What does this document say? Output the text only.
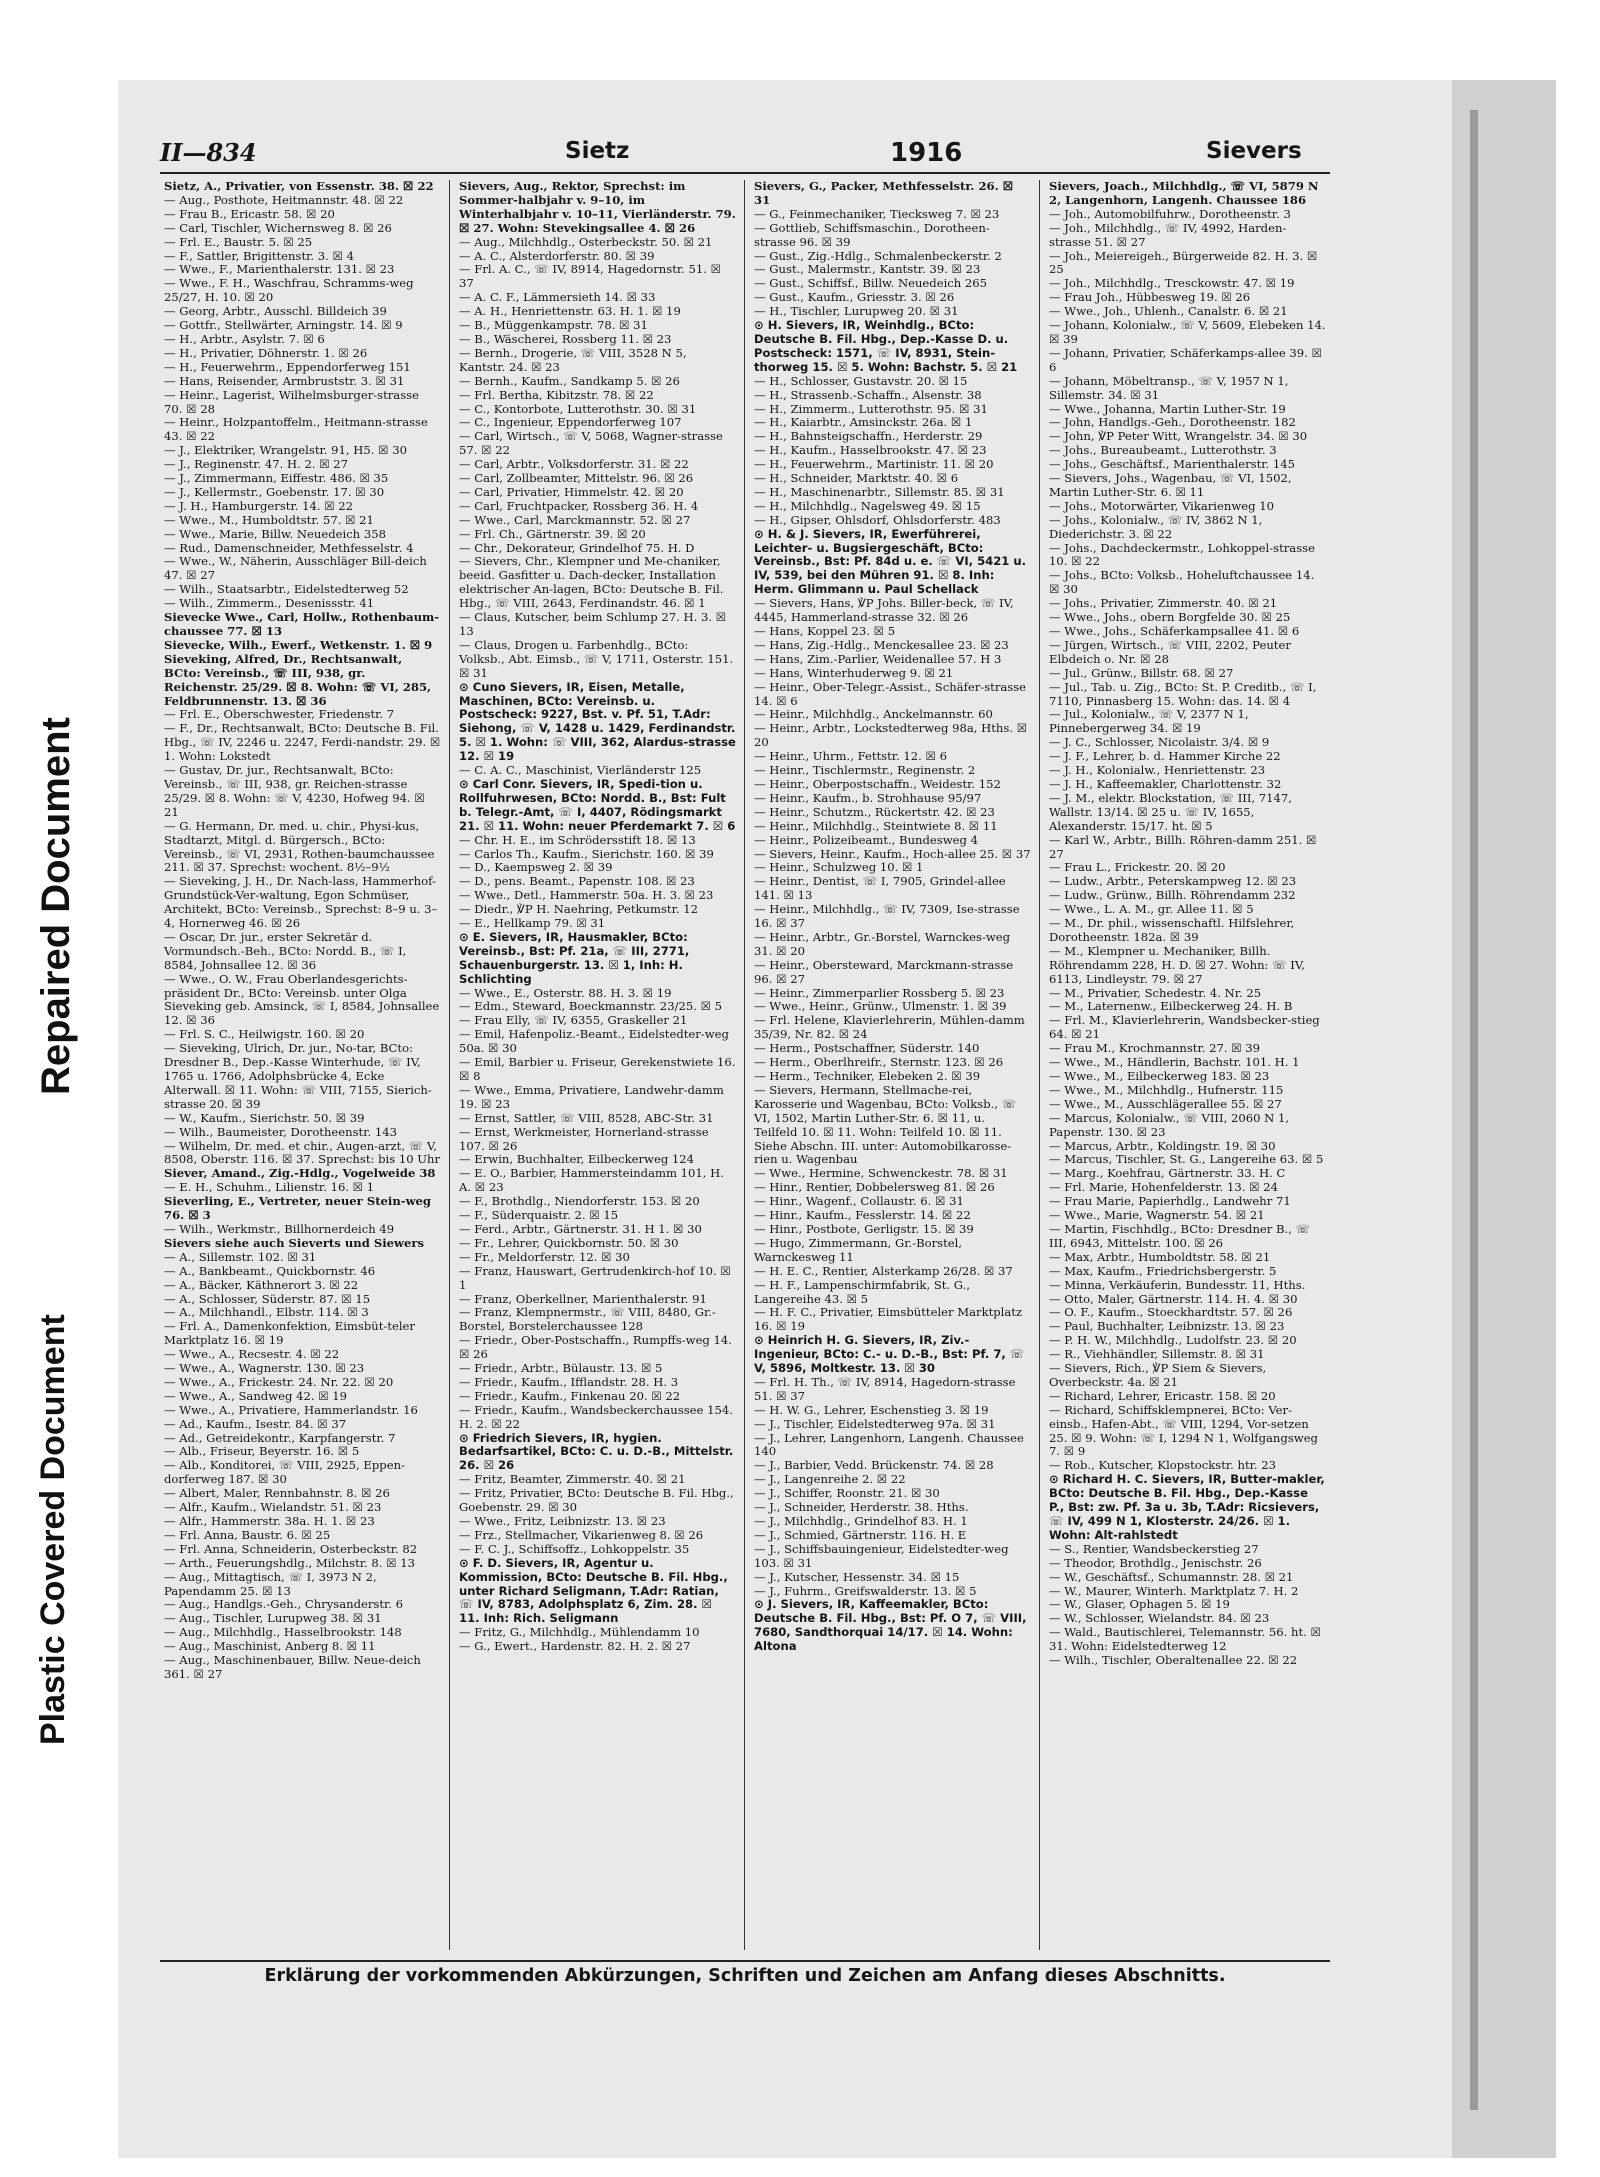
Repaired Document
Plastic Covered Document
II—834	Sietz	1916	Sievers
Sietz, A., Privatier, von Essenstr. 38. ☒ 22
— Aug., Posthote, Heitmannstr. 48. ☒ 22
— Frau B., Ericastr. 58. ☒ 20
— Carl, Tischler, Wichernsweg 8. ☒ 26
— Frl. E., Baustr. 5. ☒ 25
— F., Sattler, Brigittenstr. 3. ☒ 4
— Wwe., F., Marienthalerstr. 131. ☒ 23
— Wwe., F. H., Waschfrau, Schramms-weg 25/27, H. 10. ☒ 20
— Georg, Arbtr., Ausschl. Billdeich 39
— Gottfr., Stellwärter, Arningstr. 14. ☒ 9
— H., Arbtr., Asylstr. 7. ☒ 6
— H., Privatier, Döhnerstr. 1. ☒ 26
— H., Feuerwehrm., Eppendorferweg 151
— Hans, Reisender, Armbruststr. 3. ☒ 31
— Heinr., Lagerist, Wilhelmsburger-strasse 70. ☒ 28
— Heinr., Holzpantoffelm., Heitmann-strasse 43. ☒ 22
— J., Elektriker, Wrangelstr. 91, H5. ☒ 30
— J., Reginenstr. 47. H. 2. ☒ 27
— J., Zimmermann, Eiffestr. 486. ☒ 35
— J., Kellermstr., Goebenstr. 17. ☒ 30
— J. H., Hamburgerstr. 14. ☒ 22
— Wwe., M., Humboldtstr. 57. ☒ 21
— Wwe., Marie, Billw. Neuedeich 358
— Rud., Damenschneider, Methfesselstr. 4
— Wwe., W., Näherin, Ausschläger Bill-deich 47. ☒ 27
— Wilh., Staatsarbtr., Eidelstedterweg 52
— Wilh., Zimmerm., Desenissstr. 41
Sievecke Wwe., Carl, Hollw., Rothenbaum-chaussee 77. ☒ 13
Sievecke, Wilh., Ewerf., Wetkenstr. 1. ☒ 9
Sieveking, Alfred, Dr., Rechtsanwalt, BCto: Vereinsb., ☏ III, 938, gr. Reichenstr. 25/29. ☒ 8. Wohn: ☏ VI, 285, Feldbrunnenstr. 13. ☒ 36
— Frl. E., Oberschwester, Friedenstr. 7
— F., Dr., Rechtsanwalt, BCto: Deutsche B. Fil. Hbg., ☏ IV, 2246 u. 2247, Ferdi-nandstr. 29. ☒ 1. Wohn: Lokstedt
— Gustav, Dr. jur., Rechtsanwalt, BCto: Vereinsb., ☏ III, 938, gr. Reichen-strasse 25/29. ☒ 8. Wohn: ☏ V, 4230, Hofweg 94. ☒ 21
— G. Hermann, Dr. med. u. chir., Physi-kus, Stadtarzt, Mitgl. d. Bürgersch., BCto: Vereinsb., ☏ VI, 2931, Rothen-baumchaussee 211. ☒ 37. Sprechst: wochent. 8½–9½
— Sieveking, J. H., Dr. Nach-lass, Hammerhof-Grundstück-Ver-waltung, Egon Schmüser, Architekt, BCto: Vereinsb., Sprechst: 8–9 u. 3–4, Hornerweg 46. ☒ 26
— Oscar, Dr. jur., erster Sekretär d. Vormundsch.-Beh., BCto: Nordd. B., ☏ I, 8584, Johnsallee 12. ☒ 36
— Wwe., O. W., Frau Oberlandesgerichts-präsident Dr., BCto: Vereinsb. unter Olga Sieveking geb. Amsinck, ☏ I, 8584, Johnsallee 12. ☒ 36
— Frl. S. C., Heilwigstr. 160. ☒ 20
— Sieveking, Ulrich, Dr. jur., No-tar, BCto: Dresdner B., Dep.-Kasse Winterhude, ☏ IV, 1765 u. 1766, Adolphsbrücke 4, Ecke Alterwall. ☒ 11. Wohn: ☏ VIII, 7155, Sierich-strasse 20. ☒ 39
— W., Kaufm., Sierichstr. 50. ☒ 39
— Wilh., Baumeister, Dorotheenstr. 143
— Wilhelm, Dr. med. et chir., Augen-arzt, ☏ V, 8508, Oberstr. 116. ☒ 37. Sprechst: bis 10 Uhr
Siever, Amand., Zig.-Hdlg., Vogelweide 38
— E. H., Schuhm., Lilienstr. 16. ☒ 1
Sieverling, E., Vertreter, neuer Stein-weg 76. ☒ 3
— Wilh., Werkmstr., Billhornerdeich 49
Sievers siehe auch Sieverts und Siewers
— A., Sillemstr. 102. ☒ 31
— A., Bankbeamt., Quickbornstr. 46
— A., Bäcker, Käthnerort 3. ☒ 22
— A., Schlosser, Süderstr. 87. ☒ 15
— A., Milchhandl., Elbstr. 114. ☒ 3
— Frl. A., Damenkonfektion, Eimsbüt-teler Marktplatz 16. ☒ 19
— Wwe., A., Recsestr. 4. ☒ 22
— Wwe., A., Wagnerstr. 130. ☒ 23
— Wwe., A., Frickestr. 24. Nr. 22. ☒ 20
— Wwe., A., Sandweg 42. ☒ 19
— Wwe., A., Privatiere, Hammerlandstr. 16
— Ad., Kaufm., Isestr. 84. ☒ 37
— Ad., Getreidekontr., Karpfangerstr. 7
— Alb., Friseur, Beyerstr. 16. ☒ 5
— Alb., Konditorei, ☏ VIII, 2925, Eppen-dorferweg 187. ☒ 30
— Albert, Maler, Rennbahnstr. 8. ☒ 26
— Alfr., Kaufm., Wielandstr. 51. ☒ 23
— Alfr., Hammerstr. 38a. H. 1. ☒ 23
— Frl. Anna, Baustr. 6. ☒ 25
— Frl. Anna, Schneiderin, Osterbeckstr. 82
— Arth., Feuerungshdlg., Milchstr. 8. ☒ 13
— Aug., Mittagtisch, ☏ I, 3973 N 2, Papendamm 25. ☒ 13
— Aug., Handlgs.-Geh., Chrysanderstr. 6
— Aug., Tischler, Lurupweg 38. ☒ 31
— Aug., Milchhdlg., Hasselbrookstr. 148
— Aug., Maschinist, Anberg 8. ☒ 11
— Aug., Maschinenbauer, Billw. Neue-deich 361. ☒ 27
Sievers, Aug., Rektor, Sprechst: im Sommer-halbjahr v. 9–10, im Winterhalbjahr v. 10–11, Vierländerstr. 79. ☒ 27. Wohn: Stevekingsallee 4. ☒ 26
— Aug., Milchhdlg., Osterbeckstr. 50. ☒ 21
— A. C., Alsterdorferstr. 80. ☒ 39
— Frl. A. C., ☏ IV, 8914, Hagedornstr. 51. ☒ 37
— A. C. F., Lämmersieth 14. ☒ 33
— A. H., Henriettenstr. 63. H. 1. ☒ 19
— B., Müggenkampstr. 78. ☒ 31
— B., Wäscherei, Rossberg 11. ☒ 23
— Bernh., Drogerie, ☏ VIII, 3528 N 5, Kantstr. 24. ☒ 23
— Bernh., Kaufm., Sandkamp 5. ☒ 26
— Frl. Bertha, Kibitzstr. 78. ☒ 22
— C., Kontorbote, Lutterothstr. 30. ☒ 31
— C., Ingenieur, Eppendorferweg 107
— Carl, Wirtsch., ☏ V, 5068, Wagner-strasse 57. ☒ 22
— Carl, Arbtr., Volksdorferstr. 31. ☒ 22
— Carl, Zollbeamter, Mittelstr. 96. ☒ 26
— Carl, Privatier, Himmelstr. 42. ☒ 20
— Carl, Fruchtpacker, Rossberg 36. H. 4
— Wwe., Carl, Marckmannstr. 52. ☒ 27
— Frl. Ch., Gärtnerstr. 39. ☒ 20
— Chr., Dekorateur, Grindelhof 75. H. D
— Sievers, Chr., Klempner und Me-chaniker, beeid. Gasfitter u. Dach-decker, Installation elektrischer An-lagen, BCto: Deutsche B. Fil. Hbg., ☏ VIII, 2643, Ferdinandstr. 46. ☒ 1
— Claus, Kutscher, beim Schlump 27. H. 3. ☒ 13
— Claus, Drogen u. Farbenhdlg., BCto: Volksb., Abt. Eimsb., ☏ V, 1711, Osterstr. 151. ☒ 31
⊙ Cuno Sievers, IR, Eisen, Metalle, Maschinen, BCto: Vereinsb. u. Postscheck: 9227, Bst. v. Pf. 51, T.Adr: Siehong, ☏ V, 1428 u. 1429, Ferdinandstr. 5. ☒ 1. Wohn: ☏ VIII, 362, Alardus-strasse 12. ☒ 19
— C. A. C., Maschinist, Vierländerstr 125
⊙ Carl Conr. Sievers, IR, Spedi-tion u. Rollfuhrwesen, BCto: Nordd. B., Bst: Fult b. Telegr.-Amt, ☏ I, 4407, Rödingsmarkt 21. ☒ 11. Wohn: neuer Pferdemarkt 7. ☒ 6
— Chr. H. E., im Schrödersstift 18. ☒ 13
— Carlos Th., Kaufm., Sierichstr. 160. ☒ 39
— D., Kaempsweg 2. ☒ 39
— D., pens. Beamt., Papenstr. 108. ☒ 23
— Wwe., Detl., Hammerstr. 50a. H. 3. ☒ 23
— Diedr., ℣P H. Naehring, Petkumstr. 12
— E., Hellkamp 79. ☒ 31
⊙ E. Sievers, IR, Hausmakler, BCto: Vereinsb., Bst: Pf. 21a, ☏ III, 2771, Schauenburgerstr. 13. ☒ 1, Inh: H. Schlichting
— Wwe., E., Osterstr. 88. H. 3. ☒ 19
— Edm., Steward, Boeckmannstr. 23/25. ☒ 5
— Frau Elly, ☏ IV, 6355, Graskeller 21
— Emil, Hafenpoliz.-Beamt., Eidelstedter-weg 50a. ☒ 30
— Emil, Barbier u. Friseur, Gerekenstwiete 16. ☒ 8
— Wwe., Emma, Privatiere, Landwehr-damm 19. ☒ 23
— Ernst, Sattler, ☏ VIII, 8528, ABC-Str. 31
— Ernst, Werkmeister, Hornerland-strasse 107. ☒ 26
— Erwin, Buchhalter, Eilbeckerweg 124
— E. O., Barbier, Hammersteindamm 101, H. A. ☒ 23
— F., Brothdlg., Niendorferstr. 153. ☒ 20
— F., Süderquaistr. 2. ☒ 15
— Ferd., Arbtr., Gärtnerstr. 31. H 1. ☒ 30
— Fr., Lehrer, Quickbornstr. 50. ☒ 30
— Fr., Meldorferstr. 12. ☒ 30
— Franz, Hauswart, Gertrudenkirch-hof 10. ☒ 1
— Franz, Oberkellner, Marienthalerstr. 91
— Franz, Klempnermstr., ☏ VIII, 8480, Gr.-Borstel, Borstelerchaussee 128
— Friedr., Ober-Postschaffn., Rumpffs-weg 14. ☒ 26
— Friedr., Arbtr., Bülaustr. 13. ☒ 5
— Friedr., Kaufm., Ifflandstr. 28. H. 3
— Friedr., Kaufm., Finkenau 20. ☒ 22
— Friedr., Kaufm., Wandsbeckerchaussee 154. H. 2. ☒ 22
⊙ Friedrich Sievers, IR, hygien. Bedarfsartikel, BCto: C. u. D.-B., Mittelstr. 26. ☒ 26
— Fritz, Beamter, Zimmerstr. 40. ☒ 21
— Fritz, Privatier, BCto: Deutsche B. Fil. Hbg., Goebenstr. 29. ☒ 30
— Wwe., Fritz, Leibnizstr. 13. ☒ 23
— Frz., Stellmacher, Vikarienweg 8. ☒ 26
— F. C. J., Schiffsoffz., Lohkoppelstr. 35
⊙ F. D. Sievers, IR, Agentur u. Kommission, BCto: Deutsche B. Fil. Hbg., unter Richard Seligmann, T.Adr: Ratian, ☏ IV, 8783, Adolphsplatz 6, Zim. 28. ☒ 11. Inh: Rich. Seligmann
— Fritz, G., Milchhdlg., Mühlendamm 10
— G., Ewert., Hardenstr. 82. H. 2. ☒ 27
Sievers, G., Packer, Methfesselstr. 26. ☒ 31
— G., Feinmechaniker, Tiecksweg 7. ☒ 23
— Gottlieb, Schiffsmaschin., Dorotheen-strasse 96. ☒ 39
— Gust., Zig.-Hdlg., Schmalenbeckerstr. 2
— Gust., Malermstr., Kantstr. 39. ☒ 23
— Gust., Schiffsf., Billw. Neuedeich 265
— Gust., Kaufm., Griesstr. 3. ☒ 26
— H., Tischler, Lurupweg 20. ☒ 31
⊙ H. Sievers, IR, Weinhdlg., BCto: Deutsche B. Fil. Hbg., Dep.-Kasse D. u. Postscheck: 1571, ☏ IV, 8931, Stein-thorweg 15. ☒ 5. Wohn: Bachstr. 5. ☒ 21
— H., Schlosser, Gustavstr. 20. ☒ 15
— H., Strassenb.-Schaffn., Alsenstr. 38
— H., Zimmerm., Lutterothstr. 95. ☒ 31
— H., Kaiarbtr., Amsinckstr. 26a. ☒ 1
— H., Bahnsteigschaffn., Herderstr. 29
— H., Kaufm., Hasselbrookstr. 47. ☒ 23
— H., Feuerwehrm., Martinistr. 11. ☒ 20
— H., Schneider, Marktstr. 40. ☒ 6
— H., Maschinenarbtr., Sillemstr. 85. ☒ 31
— H., Milchhdlg., Nagelsweg 49. ☒ 15
— H., Gipser, Ohlsdorf, Ohlsdorferstr. 483
⊙ H. & J. Sievers, IR, Ewerführerei, Leichter- u. Bugsiergeschäft, BCto: Vereinsb., Bst: Pf. 84d u. e. ☏ VI, 5421 u. IV, 539, bei den Mühren 91. ☒ 8. Inh: Herm. Glimmann u. Paul Schellack
— Sievers, Hans, ℣P Johs. Biller-beck, ☏ IV, 4445, Hammerland-strasse 32. ☒ 26
— Hans, Koppel 23. ☒ 5
— Hans, Zig.-Hdlg., Menckesallee 23. ☒ 23
— Hans, Zim.-Parlier, Weidenallee 57. H 3
— Hans, Winterhuderweg 9. ☒ 21
— Heinr., Ober-Telegr.-Assist., Schäfer-strasse 14. ☒ 6
— Heinr., Milchhdlg., Anckelmannstr. 60
— Heinr., Arbtr., Lockstedterweg 98a, Hths. ☒ 20
— Heinr., Uhrm., Fettstr. 12. ☒ 6
— Heinr., Tischlermstr., Reginenstr. 2
— Heinr., Oberpostschaffn., Weidestr. 152
— Heinr., Kaufm., b. Strohhause 95/97
— Heinr., Schutzm., Rückertstr. 42. ☒ 23
— Heinr., Milchhdlg., Steintwiete 8. ☒ 11
— Heinr., Polizeibeamt., Bundesweg 4
— Sievers, Heinr., Kaufm., Hoch-allee 25. ☒ 37
— Heinr., Schulzweg 10. ☒ 1
— Heinr., Dentist, ☏ I, 7905, Grindel-allee 141. ☒ 13
— Heinr., Milchhdlg., ☏ IV, 7309, Ise-strasse 16. ☒ 37
— Heinr., Arbtr., Gr.-Borstel, Warnckes-weg 31. ☒ 20
— Heinr., Obersteward, Marckmann-strasse 96. ☒ 27
— Heinr., Zimmerparlier Rossberg 5. ☒ 23
— Wwe., Heinr., Grünw., Ulmenstr. 1. ☒ 39
— Frl. Helene, Klavierlehrerin, Mühlen-damm 35/39, Nr. 82. ☒ 24
— Herm., Postschaffner, Süderstr. 140
— Herm., Oberlhreifr., Sternstr. 123. ☒ 26
— Herm., Techniker, Elebeken 2. ☒ 39
— Sievers, Hermann, Stellmache-rei, Karosserie und Wagenbau, BCto: Volksb., ☏ VI, 1502, Martin Luther-Str. 6. ☒ 11, u. Teilfeld 10. ☒ 11. Wohn: Teilfeld 10. ☒ 11. Siehe Abschn. III. unter: Automobilkarosse-rien u. Wagenbau
— Wwe., Hermine, Schwenckestr. 78. ☒ 31
— Hinr., Rentier, Dobbelersweg 81. ☒ 26
— Hinr., Wagenf., Collaustr. 6. ☒ 31
— Hinr., Kaufm., Fesslerstr. 14. ☒ 22
— Hinr., Postbote, Gerligstr. 15. ☒ 39
— Hugo, Zimmermann, Gr.-Borstel, Warnckesweg 11
— H. E. C., Rentier, Alsterkamp 26/28. ☒ 37
— H. F., Lampenschirmfabrik, St. G., Langereihe 43. ☒ 5
— H. F. C., Privatier, Eimsbütteler Marktplatz 16. ☒ 19
⊙ Heinrich H. G. Sievers, IR, Ziv.-Ingenieur, BCto: C.- u. D.-B., Bst: Pf. 7, ☏ V, 5896, Moltkestr. 13. ☒ 30
— Frl. H. Th., ☏ IV, 8914, Hagedorn-strasse 51. ☒ 37
— H. W. G., Lehrer, Eschenstieg 3. ☒ 19
— J., Tischler, Eidelstedterweg 97a. ☒ 31
— J., Lehrer, Langenhorn, Langenh. Chaussee 140
— J., Barbier, Vedd. Brückenstr. 74. ☒ 28
— J., Langenreihe 2. ☒ 22
— J., Schiffer, Roonstr. 21. ☒ 30
— J., Schneider, Herderstr. 38. Hths.
— J., Milchhdlg., Grindelhof 83. H. 1
— J., Schmied, Gärtnerstr. 116. H. E
— J., Schiffsbauingenieur, Eidelstedter-weg 103. ☒ 31
— J., Kutscher, Hessenstr. 34. ☒ 15
— J., Fuhrm., Greifswalderstr. 13. ☒ 5
⊙ J. Sievers, IR, Kaffeemakler, BCto: Deutsche B. Fil. Hbg., Bst: Pf. O 7, ☏ VIII, 7680, Sandthorquai 14/17. ☒ 14. Wohn: Altona
Sievers, Joach., Milchhdlg., ☏ VI, 5879 N 2, Langenhorn, Langenh. Chaussee 186
— Joh., Automobilfuhrw., Dorotheenstr. 3
— Joh., Milchhdlg., ☏ IV, 4992, Harden-strasse 51. ☒ 27
— Joh., Meiereigeh., Bürgerweide 82. H. 3. ☒ 25
— Joh., Milchhdlg., Tresckowstr. 47. ☒ 19
— Frau Joh., Hübbesweg 19. ☒ 26
— Wwe., Joh., Uhlenh., Canalstr. 6. ☒ 21
— Johann, Kolonialw., ☏ V, 5609, Elebeken 14. ☒ 39
— Johann, Privatier, Schäferkamps-allee 39. ☒ 6
— Johann, Möbeltransp., ☏ V, 1957 N 1, Sillemstr. 34. ☒ 31
— Wwe., Johanna, Martin Luther-Str. 19
— John, Handlgs.-Geh., Dorotheenstr. 182
— John, ℣P Peter Witt, Wrangelstr. 34. ☒ 30
— Johs., Bureaubeamt., Lutterothstr. 3
— Johs., Geschäftsf., Marienthalerstr. 145
— Sievers, Johs., Wagenbau, ☏ VI, 1502, Martin Luther-Str. 6. ☒ 11
— Johs., Motorwärter, Vikarienweg 10
— Johs., Kolonialw., ☏ IV, 3862 N 1, Diederichstr. 3. ☒ 22
— Johs., Dachdeckermstr., Lohkoppel-strasse 10. ☒ 22
— Johs., BCto: Volksb., Hoheluftchaussee 14. ☒ 30
— Johs., Privatier, Zimmerstr. 40. ☒ 21
— Wwe., Johs., obern Borgfelde 30. ☒ 25
— Wwe., Johs., Schäferkampsallee 41. ☒ 6
— Jürgen, Wirtsch., ☏ VIII, 2202, Peuter Elbdeich o. Nr. ☒ 28
— Jul., Grünw., Billstr. 68. ☒ 27
— Jul., Tab. u. Zig., BCto: St. P. Creditb., ☏ I, 7110, Pinnasberg 15. Wohn: das. 14. ☒ 4
— Jul., Kolonialw., ☏ V, 2377 N 1, Pinnebergerweg 34. ☒ 19
— J. C., Schlosser, Nicolaistr. 3/4. ☒ 9
— J. F., Lehrer, b. d. Hammer Kirche 22
— J. H., Kolonialw., Henriettenstr. 23
— J. H., Kaffeemakler, Charlottenstr. 32
— J. M., elektr. Blockstation, ☏ III, 7147, Wallstr. 13/14. ☒ 25 u. ☏ IV, 1655, Alexanderstr. 15/17. ht. ☒ 5
— Karl W., Arbtr., Billh. Röhren-damm 251. ☒ 27
— Frau L., Frickestr. 20. ☒ 20
— Ludw., Arbtr., Peterskampweg 12. ☒ 23
— Ludw., Grünw., Billh. Röhrendamm 232
— Wwe., L. A. M., gr. Allee 11. ☒ 5
— M., Dr. phil., wissenschaftl. Hilfslehrer, Dorotheenstr. 182a. ☒ 39
— M., Klempner u. Mechaniker, Billh. Röhrendamm 228, H. D. ☒ 27. Wohn: ☏ IV, 6113, Lindleystr. 79. ☒ 27
— M., Privatier, Schedestr. 4. Nr. 25
— M., Laternenw., Eilbeckerweg 24. H. B
— Frl. M., Klavierlehrerin, Wandsbecker-stieg 64. ☒ 21
— Frau M., Krochmannstr. 27. ☒ 39
— Wwe., M., Händlerin, Bachstr. 101. H. 1
— Wwe., M., Eilbeckerweg 183. ☒ 23
— Wwe., M., Milchhdlg., Hufnerstr. 115
— Wwe., M., Ausschlägerallee 55. ☒ 27
— Marcus, Kolonialw., ☏ VIII, 2060 N 1, Papenstr. 130. ☒ 23
— Marcus, Arbtr., Koldingstr. 19. ☒ 30
— Marcus, Tischler, St. G., Langereihe 63. ☒ 5
— Marg., Koehfrau, Gärtnerstr. 33. H. C
— Frl. Marie, Hohenfelderstr. 13. ☒ 24
— Frau Marie, Papierhdlg., Landwehr 71
— Wwe., Marie, Wagnerstr. 54. ☒ 21
— Martin, Fischhdlg., BCto: Dresdner B., ☏ III, 6943, Mittelstr. 100. ☒ 26
— Max, Arbtr., Humboldtstr. 58. ☒ 21
— Max, Kaufm., Friedrichsbergerstr. 5
— Minna, Verkäuferin, Bundesstr. 11, Hths.
— Otto, Maler, Gärtnerstr. 114. H. 4. ☒ 30
— O. F., Kaufm., Stoeckhardtstr. 57. ☒ 26
— Paul, Buchhalter, Leibnizstr. 13. ☒ 23
— P. H. W., Milchhdlg., Ludolfstr. 23. ☒ 20
— R., Viehhändler, Sillemstr. 8. ☒ 31
— Sievers, Rich., ℣P Siem & Sievers, Overbeckstr. 4a. ☒ 21
— Richard, Lehrer, Ericastr. 158. ☒ 20
— Richard, Schiffsklempnerei, BCto: Ver-einsb., Hafen-Abt., ☏ VIII, 1294, Vor-setzen 25. ☒ 9. Wohn: ☏ I, 1294 N 1, Wolfgangsweg 7. ☒ 9
— Rob., Kutscher, Klopstockstr. htr. 23
⊙ Richard H. C. Sievers, IR, Butter-makler, BCto: Deutsche B. Fil. Hbg., Dep.-Kasse P., Bst: zw. Pf. 3a u. 3b, T.Adr: Ricsievers, ☏ IV, 499 N 1, Klosterstr. 24/26. ☒ 1. Wohn: Alt-rahlstedt
— S., Rentier, Wandsbeckerstieg 27
— Theodor, Brothdlg., Jenischstr. 26
— W., Geschäftsf., Schumannstr. 28. ☒ 21
— W., Maurer, Winterh. Marktplatz 7. H. 2
— W., Glaser, Ophagen 5. ☒ 19
— W., Schlosser, Wielandstr. 84. ☒ 23
— Wald., Bautischlerei, Telemannstr. 56. ht. ☒ 31. Wohn: Eidelstedterweg 12
— Wilh., Tischler, Oberaltenallee 22. ☒ 22
Erklärung der vorkommenden Abkürzungen, Schriften und Zeichen am Anfang dieses Abschnitts.
